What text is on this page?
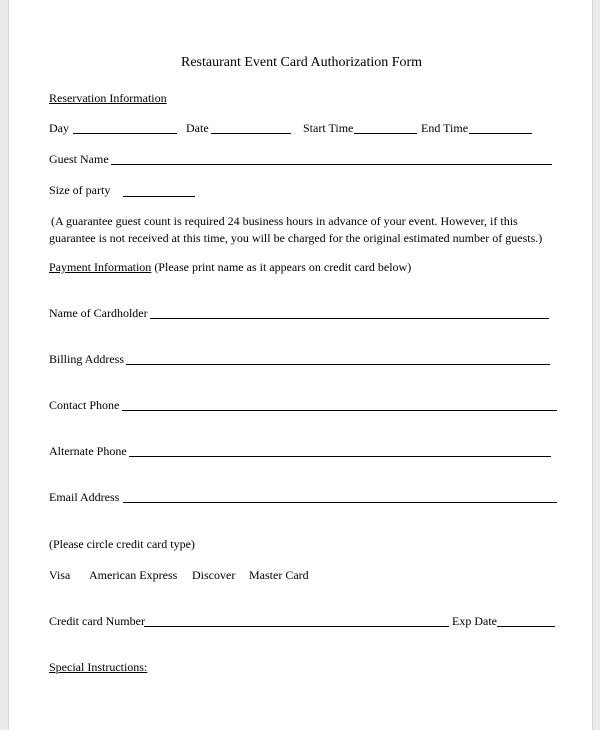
Restaurant Event Card Authorization Form
Reservation Information
Day	Date	Start Time	End Time
Guest Name
Size of party
(A guarantee guest count is required 24 business hours in advance of your event. However, if this
guarantee is not received at this time, you will be charged for the original estimated number of guests.)
Payment Information (Please print name as it appears on credit card below)
Name of Cardholder
Billing Address
Contact Phone
Alternate Phone
Email Address
(Please circle credit card type)
Visa American Express Discover Master Card
Credit card Number	Exp Date
Special Instructions:
